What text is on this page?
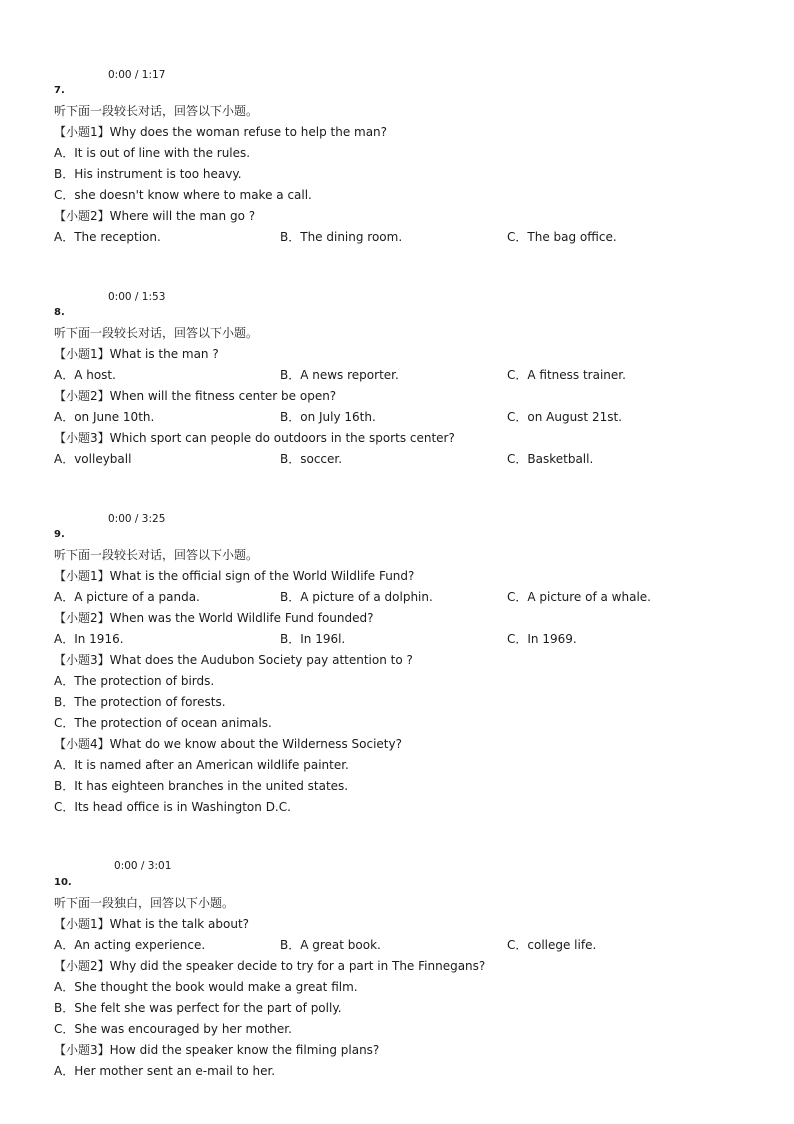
0:00 / 1:17
7.
听下面一段较长对话，回答以下小题。
【小题1】Why does the woman refuse to help the man?
A．It is out of line with the rules.
B．His instrument is too heavy.
C．she doesn't know where to make a call.
【小题2】Where will the man go ?
A．The reception.	B．The dining room.	C．The bag office.
0:00 / 1:53
8.
听下面一段较长对话，回答以下小题。
【小题1】What is the man ?
A．A host.	B．A news reporter.	C．A fitness trainer.
【小题2】When will the fitness center be open?
A．on June 10th.	B．on July 16th.	C．on August 21st.
【小题3】Which sport can people do outdoors in the sports center?
A．volleyball	B．soccer.	C．Basketball.
0:00 / 3:25
9.
听下面一段较长对话，回答以下小题。
【小题1】What is the official sign of the World Wildlife Fund?
A．A picture of a panda.	B．A picture of a dolphin.	C．A picture of a whale.
【小题2】When was the World Wildlife Fund founded?
A．In 1916.	B．In 196l.	C．In 1969.
【小题3】What does the Audubon Society pay attention to ?
A．The protection of birds.
B．The protection of forests.
C．The protection of ocean animals.
【小题4】What do we know about the Wilderness Society?
A．It is named after an American wildlife painter.
B．It has eighteen branches in the united states.
C．Its head office is in Washington D.C.
0:00 / 3:01
10.
听下面一段独白，回答以下小题。
【小题1】What is the talk about?
A．An acting experience.	B．A great book.	C．college life.
【小题2】Why did the speaker decide to try for a part in The Finnegans?
A．She thought the book would make a great film.
B．She felt she was perfect for the part of polly.
C．She was encouraged by her mother.
【小题3】How did the speaker know the filming plans?
A．Her mother sent an e-mail to her.
